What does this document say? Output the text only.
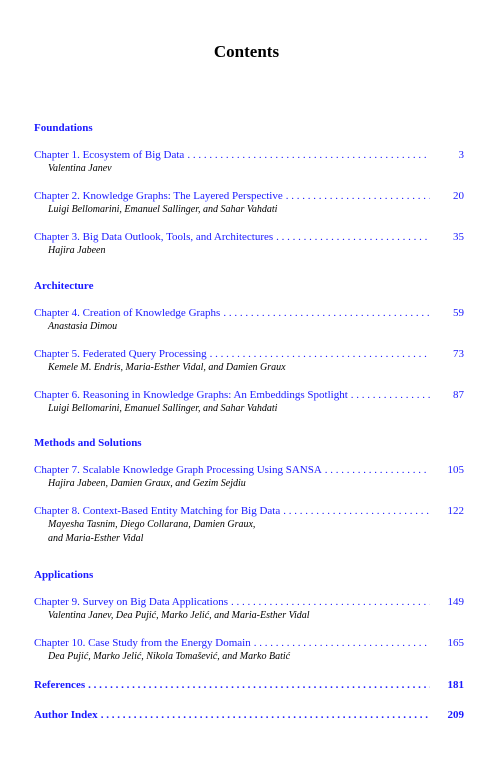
Contents
Foundations
Chapter 1. Ecosystem of Big Data . . .	3
Valentina Janev
Chapter 2. Knowledge Graphs: The Layered Perspective . . .	20
Luigi Bellomarini, Emanuel Sallinger, and Sahar Vahdati
Chapter 3. Big Data Outlook, Tools, and Architectures . . .	35
Hajira Jabeen
Architecture
Chapter 4. Creation of Knowledge Graphs . . .	59
Anastasia Dimou
Chapter 5. Federated Query Processing . . .	73
Kemele M. Endris, Maria-Esther Vidal, and Damien Graux
Chapter 6. Reasoning in Knowledge Graphs: An Embeddings Spotlight . . .	87
Luigi Bellomarini, Emanuel Sallinger, and Sahar Vahdati
Methods and Solutions
Chapter 7. Scalable Knowledge Graph Processing Using SANSA . . .	105
Hajira Jabeen, Damien Graux, and Gezim Sejdiu
Chapter 8. Context-Based Entity Matching for Big Data . . .	122
Mayesha Tasnim, Diego Collarana, Damien Graux,
and Maria-Esther Vidal
Applications
Chapter 9. Survey on Big Data Applications . . .	149
Valentina Janev, Dea Pujić, Marko Jelić, and Maria-Esther Vidal
Chapter 10. Case Study from the Energy Domain . . .	165
Dea Pujić, Marko Jelić, Nikola Tomašević, and Marko Batić
References . . .	181
Author Index . . .	209
